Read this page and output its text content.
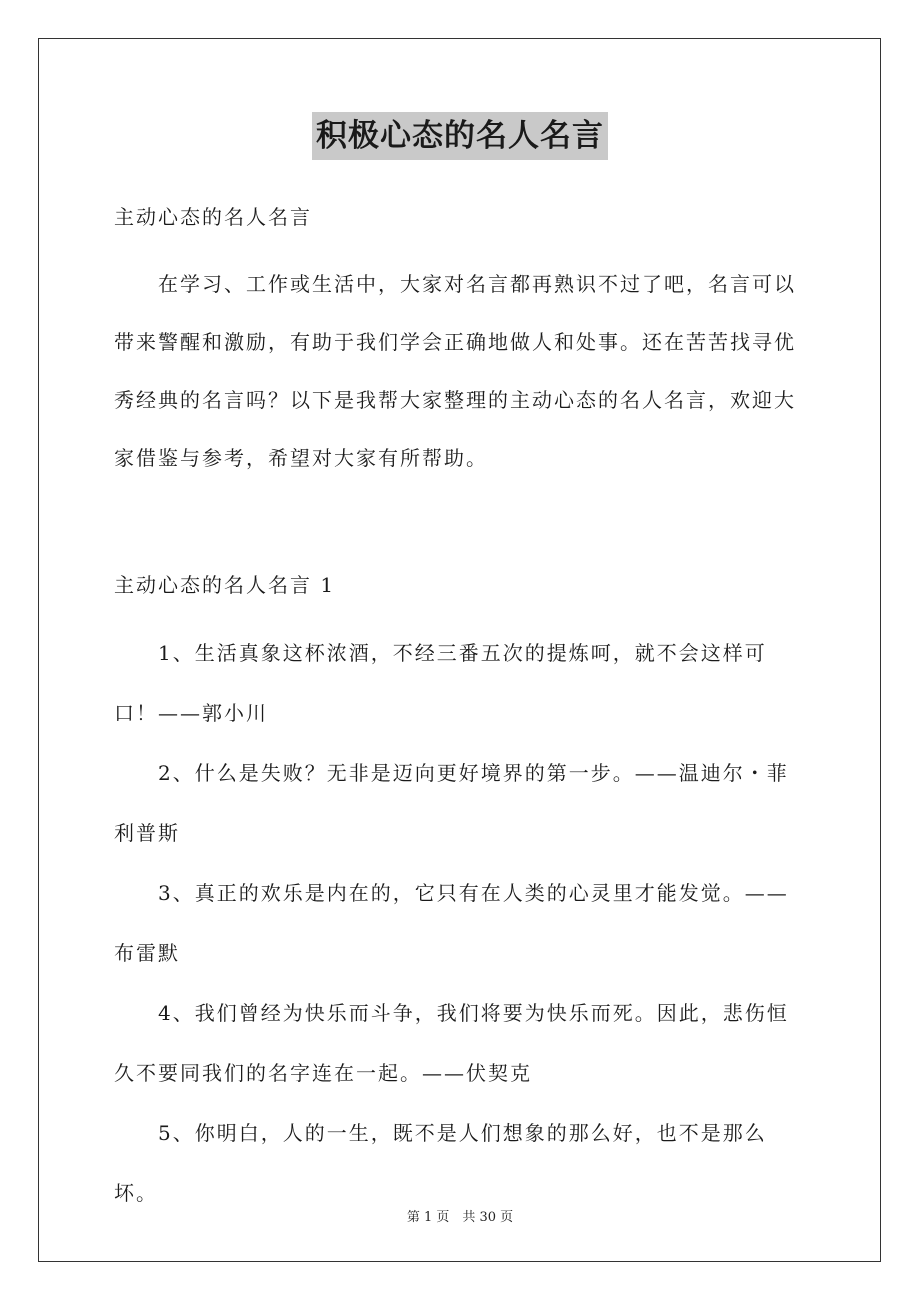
积极心态的名人名言

主动心态的名人名言

在学习、工作或生活中，大家对名言都再熟识不过了吧，名言可以带来警醒和激励，有助于我们学会正确地做人和处事。还在苦苦找寻优秀经典的名言吗？以下是我帮大家整理的主动心态的名人名言，欢迎大家借鉴与参考，希望对大家有所帮助。

主动心态的名人名言 1

1、生活真象这杯浓酒，不经三番五次的提炼呵，就不会这样可口！——郭小川

2、什么是失败？无非是迈向更好境界的第一步。——温迪尔・菲利普斯

3、真正的欢乐是内在的，它只有在人类的心灵里才能发觉。——布雷默

4、我们曾经为快乐而斗争，我们将要为快乐而死。因此，悲伤恒久不要同我们的名字连在一起。——伏契克

5、你明白，人的一生，既不是人们想象的那么好，也不是那么坏。

第 1 页　共 30 页
